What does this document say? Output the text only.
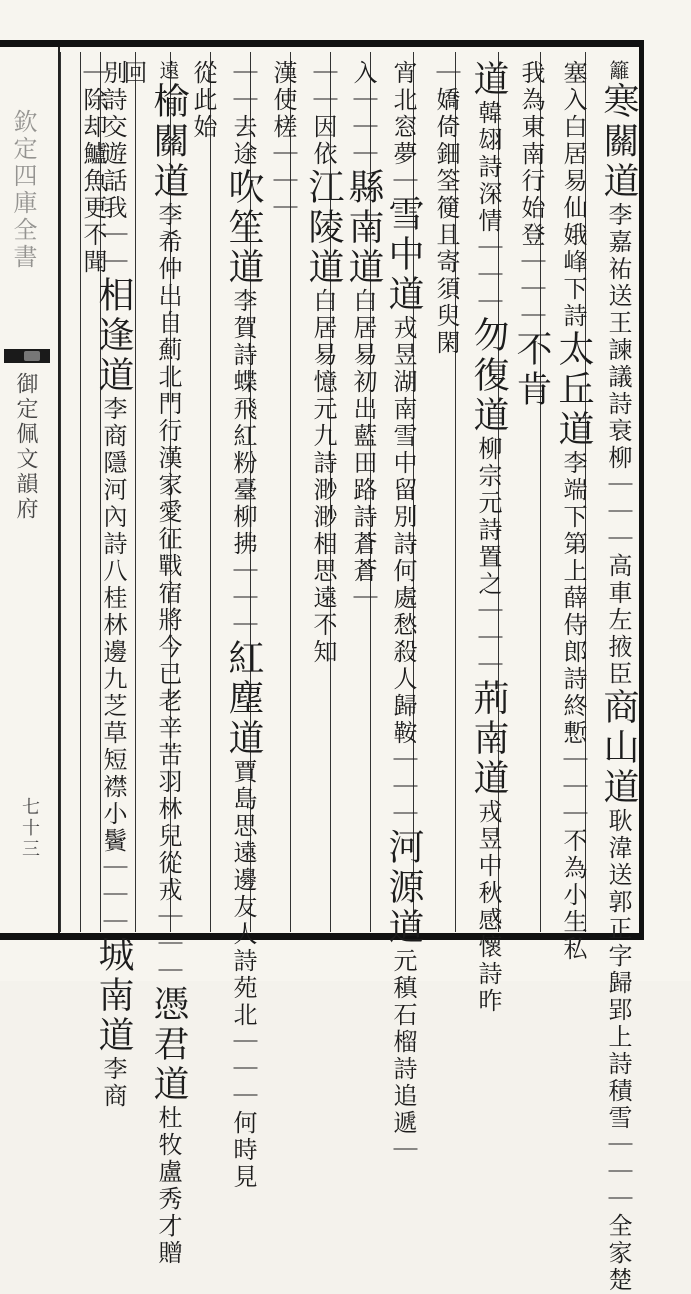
欽定四庫全書
御定佩文韻府
七十三
籬寒關道李嘉祐送王諫議詩衰柳｜｜｜高車左掖臣商山道耿湋送郭正字歸郢上詩積雪｜｜｜全家楚
塞入白居易仙娥峰下詩太丘道李端下第上薛侍郎詩終慙｜｜｜不為小生私
我為東南行始登｜｜｜不肯
道韓翃詩深情｜｜｜勿復道柳宗元詩置之｜｜｜荊南道戎昱中秋感懷詩昨
｜嬌倚鈿筌箯且寄須臾閑
宵北窓夢｜雪中道戎昱湖南雪中留別詩何處愁殺人歸鞍｜｜｜河源道元稹石榴詩追遞｜
入｜｜｜縣南道白居易初出藍田路詩蒼蒼｜
｜｜因依江陵道白居易憶元九詩渺渺相思遠不知
漢使槎｜｜｜
｜｜去途吹笙道李賀詩蝶飛紅粉臺柳拂｜｜｜紅塵道賈島思遠邊友人詩苑北｜｜｜何時見
從此始
遠榆關道李希仲出自薊北門行漢家愛征戰宿將今已老辛苦羽林兒從戎｜｜｜憑君道杜牧盧秀才贈
回
別詩交遊話我｜｜相逢道李商隱河內詩八桂林邊九芝草短襟小鬢｜｜｜城南道李商
｜除却鱸魚更不聞
